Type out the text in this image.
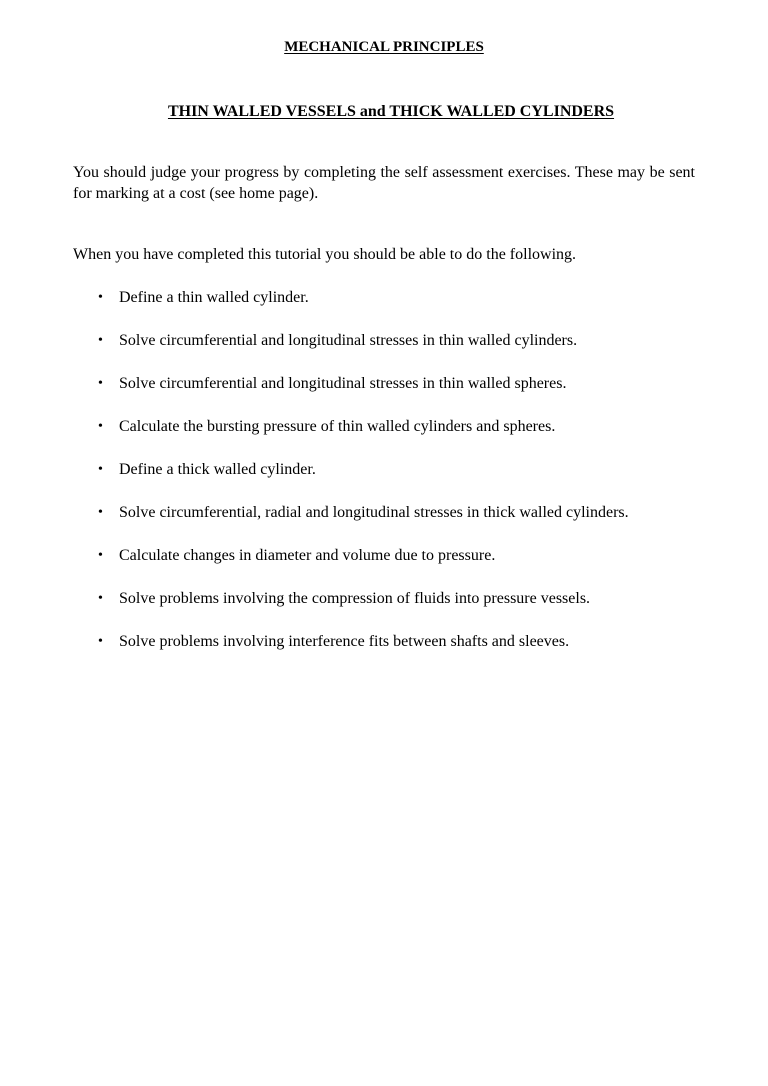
MECHANICAL PRINCIPLES
THIN WALLED VESSELS and THICK WALLED CYLINDERS

You should judge your progress by completing the self assessment exercises. These may be sent for marking at a cost (see home page).

When you have completed this tutorial you should be able to do the following.

• Define a thin walled cylinder.
• Solve circumferential and longitudinal stresses in thin walled cylinders.
• Solve circumferential and longitudinal stresses in thin walled spheres.
• Calculate the bursting pressure of thin walled cylinders and spheres.
• Define a thick walled cylinder.
• Solve circumferential, radial and longitudinal stresses in thick walled cylinders.
• Calculate changes in diameter and volume due to pressure.
• Solve problems involving the compression of fluids into pressure vessels.
• Solve problems involving interference fits between shafts and sleeves.
